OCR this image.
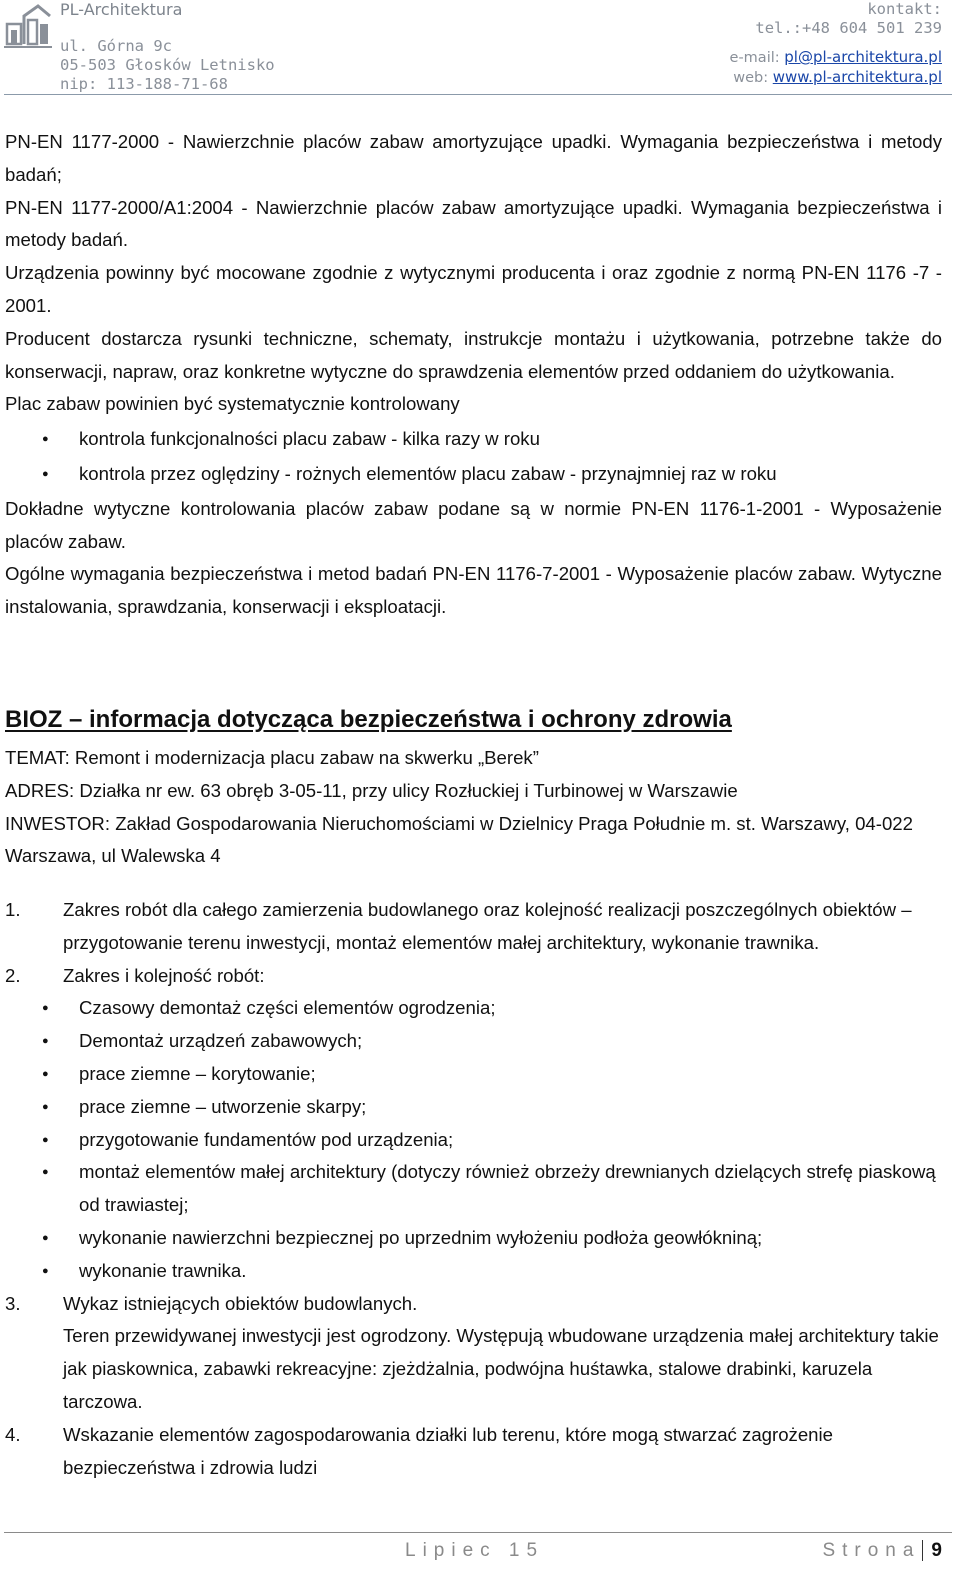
PL-Architektura
ul. Górna 9c
05-503 Głosków Letnisko
nip: 113-188-71-68
kontakt:
tel.:+48 604 501 239
e-mail: pl@pl-architektura.pl
web: www.pl-architektura.pl

PN‑EN 1177‑2000 ‑ Nawierzchnie placów zabaw amortyzujące upadki. Wymagania bezpieczeństwa i metody badań;

PN‑EN 1177‑2000/A1:2004 ‑ Nawierzchnie placów zabaw amortyzujące upadki. Wymagania bezpieczeństwa i metody badań.

Urządzenia powinny być mocowane zgodnie z wytycznymi producenta i oraz zgodnie z normą PN‑EN 1176 -7 ‑ 2001.

Producent dostarcza rysunki techniczne, schematy, instrukcje montażu i użytkowania, potrzebne także do konserwacji, napraw, oraz konkretne wytyczne do sprawdzenia elementów przed oddaniem do użytkowania.

Plac zabaw powinien być systematycznie kontrolowany

● kontrola funkcjonalności placu zabaw ‑ kilka razy w roku

● kontrola przez oględziny ‑ rożnych elementów placu zabaw ‑ przynajmniej raz w roku

Dokładne wytyczne kontrolowania placów zabaw podane są w normie PN‑EN 1176-1‑2001 ‑ Wyposażenie placów zabaw.

Ogólne wymagania bezpieczeństwa i metod badań PN‑EN 1176-7‑2001 ‑ Wyposażenie placów zabaw. Wytyczne instalowania, sprawdzania, konserwacji i eksploatacji.

BIOZ – informacja dotycząca bezpieczeństwa i ochrony zdrowia

TEMAT: Remont i modernizacja placu zabaw na skwerku „Berek”

ADRES: Działka nr ew. 63 obręb 3-05-11, przy ulicy Rozłuckiej i Turbinowej w Warszawie

INWESTOR: Zakład Gospodarowania Nieruchomościami w Dzielnicy Praga Południe m. st. Warszawy, 04-022 Warszawa, ul Walewska 4

1. Zakres robót dla całego zamierzenia budowlanego oraz kolejność realizacji poszczególnych obiektów – przygotowanie terenu inwestycji, montaż elementów małej architektury, wykonanie trawnika.

2. Zakres i kolejność robót:

● Czasowy demontaż części elementów ogrodzenia;

● Demontaż urządzeń zabawowych;

● prace ziemne – korytowanie;

● prace ziemne – utworzenie skarpy;

● przygotowanie fundamentów pod urządzenia;

● montaż elementów małej architektury (dotyczy również obrzeży drewnianych dzielących strefę piaskową od trawiastej;

● wykonanie nawierzchni bezpiecznej po uprzednim wyłożeniu podłoża geowłókniną;

● wykonanie trawnika.

3. Wykaz istniejących obiektów budowlanych.

Teren przewidywanej inwestycji jest ogrodzony. Występują wbudowane urządzenia małej architektury takie jak piaskownica, zabawki rekreacyjne: zjeżdżalnia, podwójna huśtawka, stalowe drabinki, karuzela tarczowa.

4. Wskazanie elementów zagospodarowania działki lub terenu, które mogą stwarzać zagrożenie bezpieczeństwa i zdrowia ludzi

Lipiec 15	Strona 9
